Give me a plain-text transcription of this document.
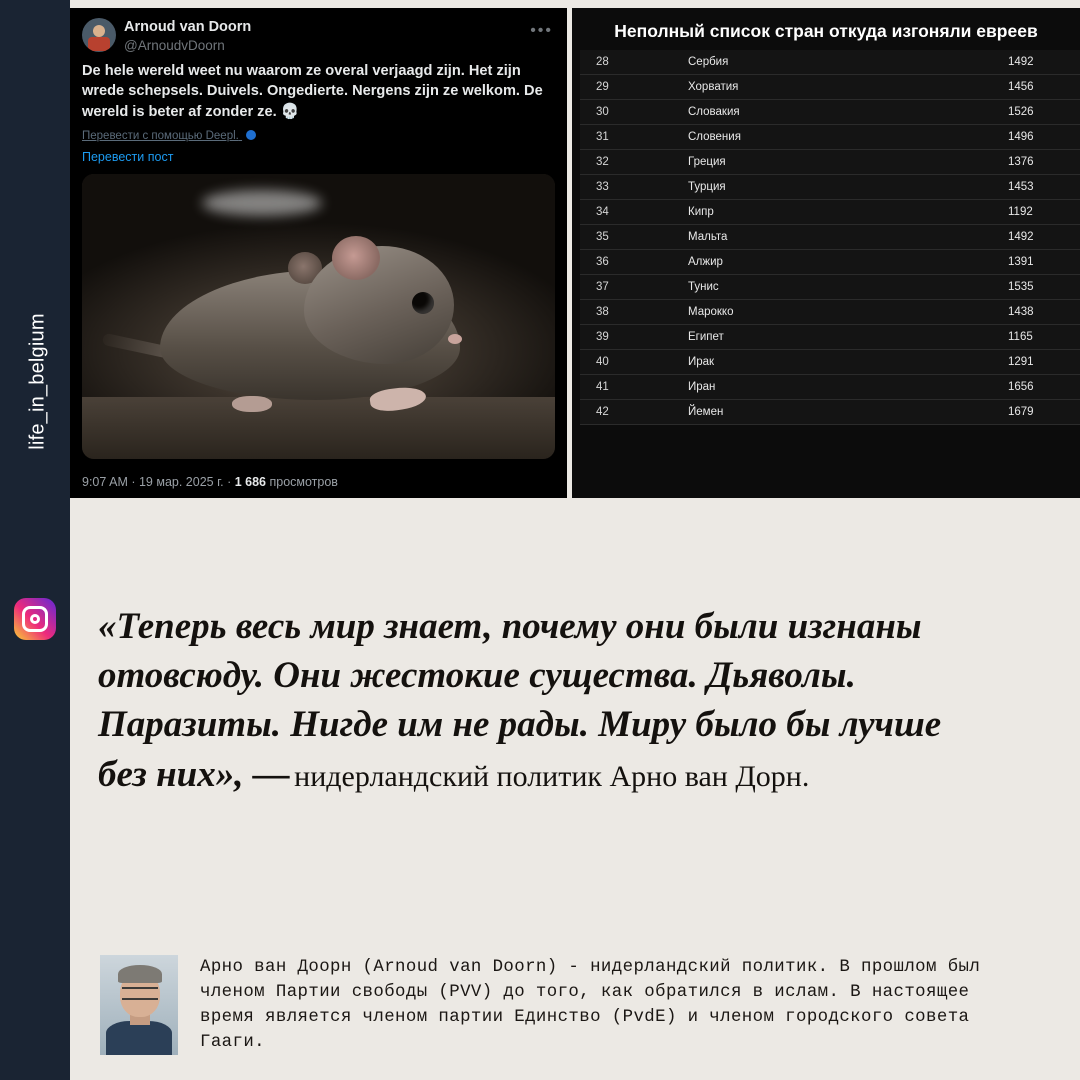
life_in_belgium
•••
Arnoud van Doorn
@ArnoudvDoorn
De hele wereld weet nu waarom ze overal verjaagd zijn. Het zijn wrede schepsels. Duivels. Ongedierte. Nergens zijn ze welkom. De wereld is beter af zonder ze. 💀
Перевести с помощью Deepl.
Перевести пост
9:07 AM · 19 мар. 2025 г. · 1 686 просмотров
Неполный список стран откуда изгоняли евреев
28	Сербия	1492
29	Хорватия	1456
30	Словакия	1526
31	Словения	1496
32	Греция	1376
33	Турция	1453
34	Кипр	1192
35	Мальта	1492
36	Алжир	1391
37	Тунис	1535
38	Марокко	1438
39	Египет	1165
40	Ирак	1291
41	Иран	1656
42	Йемен	1679
«Теперь весь мир знает, почему они были изгнаны отовсюду. Они жестокие существа. Дьяволы. Паразиты. Нигде им не рады. Миру было бы лучше без них», — нидерландский политик Арно ван Дорн.
Арно ван Доорн (Arnoud van Doorn) - нидерландский политик. В прошлом был членом Партии свободы (PVV) до того, как обратился в ислам. В настоящее время является членом партии Единство (PvdE) и членом городского совета Гааги.
